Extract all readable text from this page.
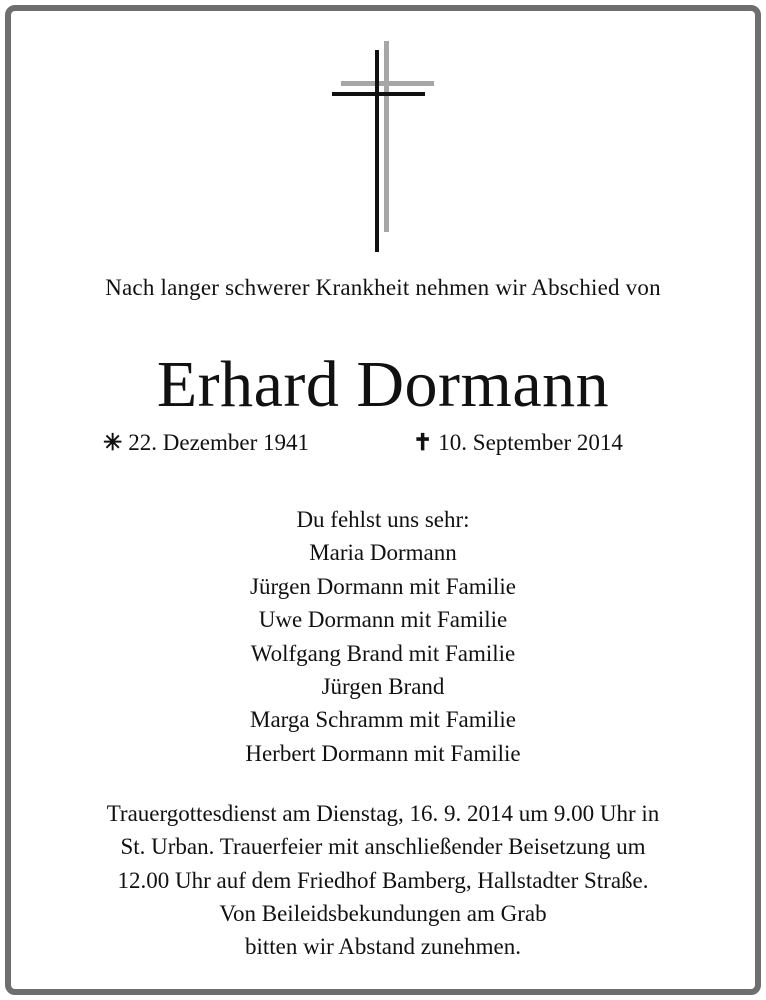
Nach langer schwerer Krankheit nehmen wir Abschied von
Erhard Dormann
✳ 22. Dezember 1941	✝ 10. September 2014
Du fehlst uns sehr:
Maria Dormann
Jürgen Dormann mit Familie
Uwe Dormann mit Familie
Wolfgang Brand mit Familie
Jürgen Brand
Marga Schramm mit Familie
Herbert Dormann mit Familie
Trauergottesdienst am Dienstag, 16. 9. 2014 um 9.00 Uhr in
St. Urban. Trauerfeier mit anschließender Beisetzung um
12.00 Uhr auf dem Friedhof Bamberg, Hallstadter Straße.
Von Beileidsbekundungen am Grab
bitten wir Abstand zunehmen.
